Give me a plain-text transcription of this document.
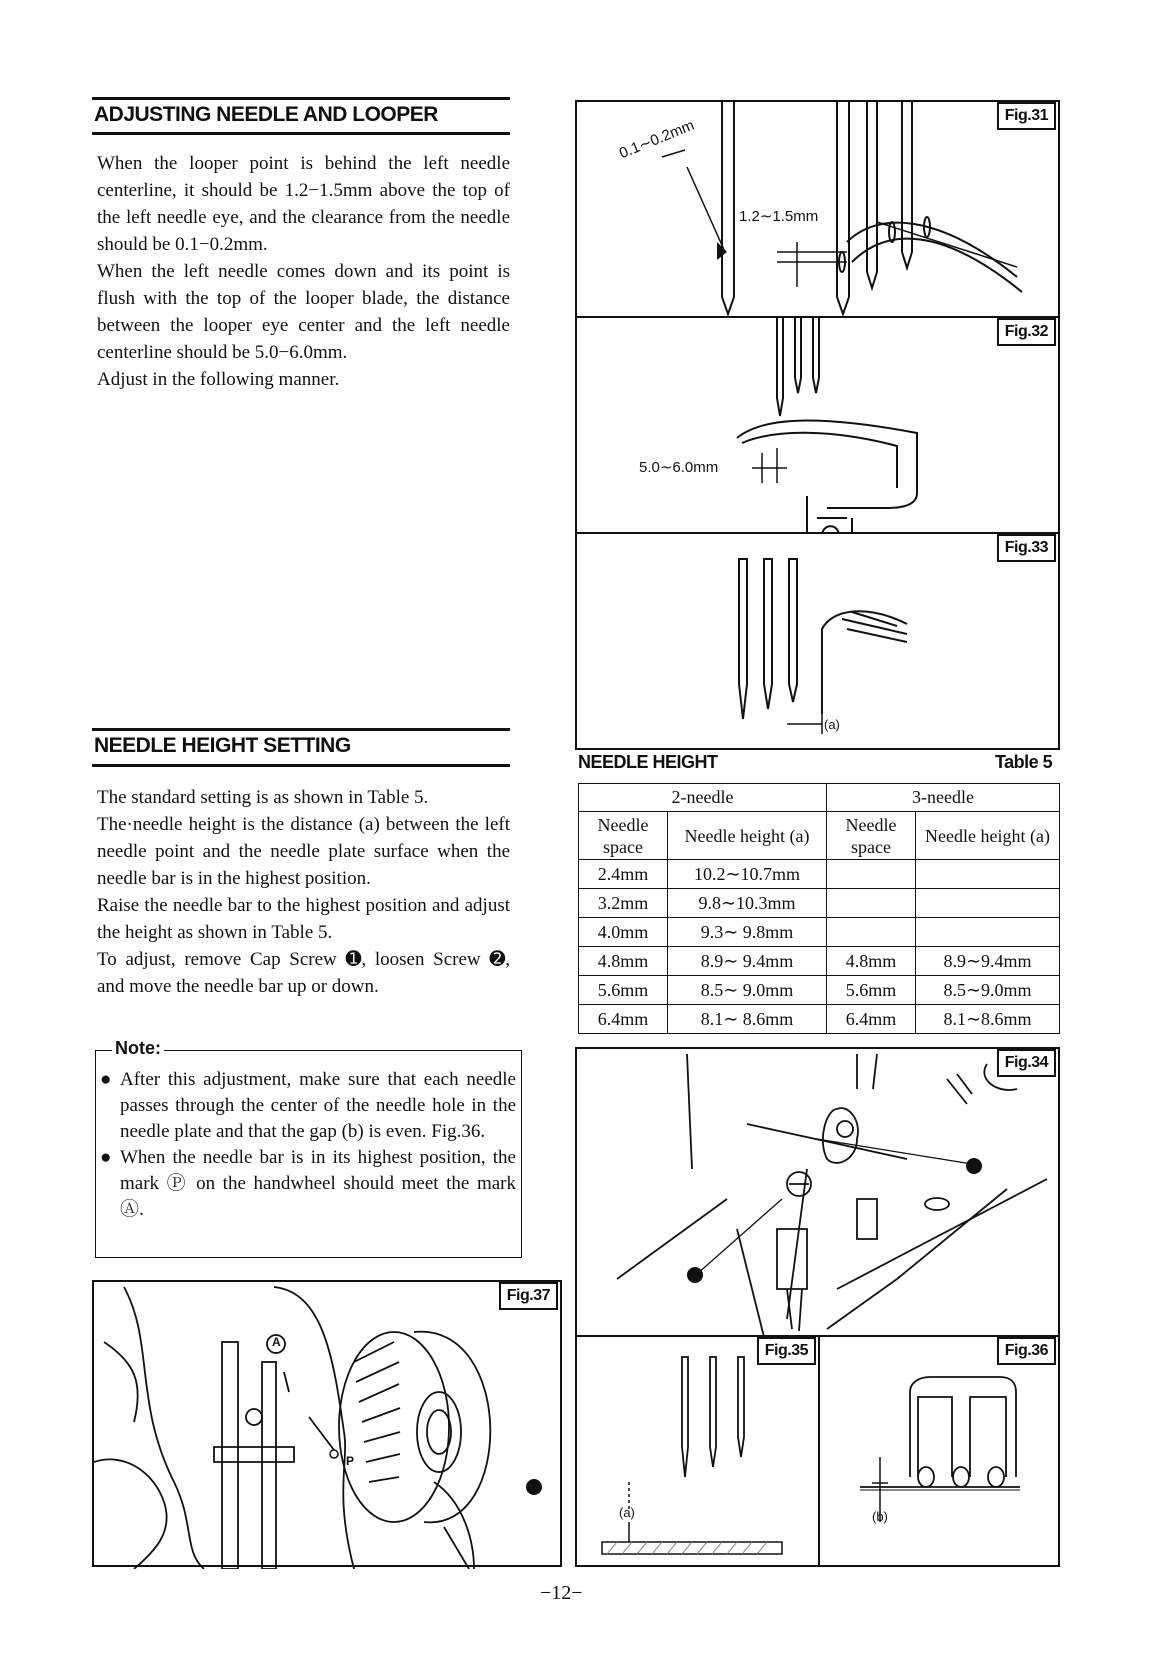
ADJUSTING NEEDLE AND LOOPER

When the looper point is behind the left needle centerline, it should be 1.2−1.5mm above the top of the left needle eye, and the clearance from the needle should be 0.1−0.2mm.

When the left needle comes down and its point is flush with the top of the looper blade, the distance between the looper eye center and the left needle centerline should be 5.0−6.0mm.

Adjust in the following manner.

NEEDLE HEIGHT SETTING

The standard setting is as shown in Table 5.

The·needle height is the distance (a) between the left needle point and the needle plate surface when the needle bar is in the highest position.

Raise the needle bar to the highest position and adjust the height as shown in Table 5.

To adjust, remove Cap Screw ➊, loosen Screw ➋, and move the needle bar up or down.

● After this adjustment, make sure that each needle passes through the center of the needle hole in the needle plate and that the gap (b) is even. Fig.36.
● When the needle bar is in its highest position, the mark Ⓟ on the handwheel should meet the mark Ⓐ.
Note:
0.1∼0.2mm
1.2∼1.5mm
Fig.31
5.0∼6.0mm
Fig.32
(a)
Fig.33
NEEDLE HEIGHT	Table 5
2-needle		3-needle	
Needle space	Needle height (a)	Needle space	Needle height (a)
2.4mm	10.2∼10.7mm		
3.2mm	9.8∼10.3mm		
4.0mm	9.3∼ 9.8mm		
4.8mm	8.9∼ 9.4mm	4.8mm	8.9∼9.4mm
5.6mm	8.5∼ 9.0mm	5.6mm	8.5∼9.0mm
6.4mm	8.1∼ 8.6mm	6.4mm	8.1∼8.6mm
Fig.34
(a)
Fig.35
(b)
Fig.36
A
P
Fig.37
−12−
